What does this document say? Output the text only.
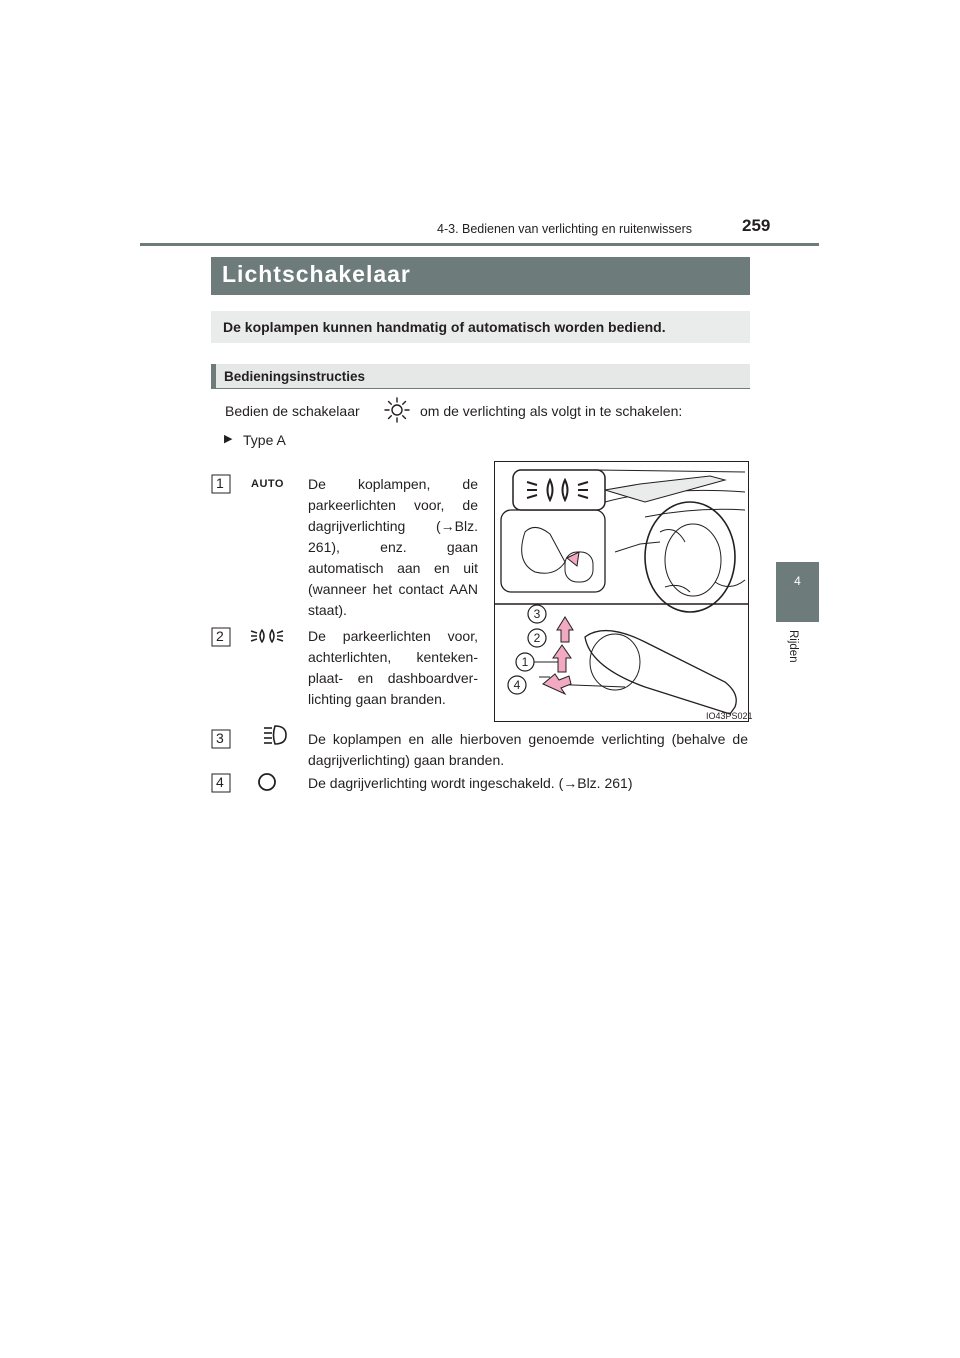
4-3. Bedienen van verlichting en ruitenwissers	259
4
Rijden
Lichtschakelaar
De koplampen kunnen handmatig of automatisch worden bediend.
Bedieningsinstructies
Bedien de schakelaar	om de verlichting als volgt in te schakelen:
▶ Type A
1 AUTO De koplampen, de parkeerlichten voor, de dagrijverlichting (→Blz. 261), enz. gaan automatisch aan en uit (wanneer het contact AAN staat).
2	De parkeerlichten voor, achterlichten, kenteken- plaat- en dashboardver- lichting gaan branden.
3	De koplampen en alle hierboven genoemde verlichting (behalve de dagrijverlichting) gaan branden.
4	De dagrijverlichting wordt ingeschakeld. (→Blz. 261)
3
2
1
4
IO43PS021
